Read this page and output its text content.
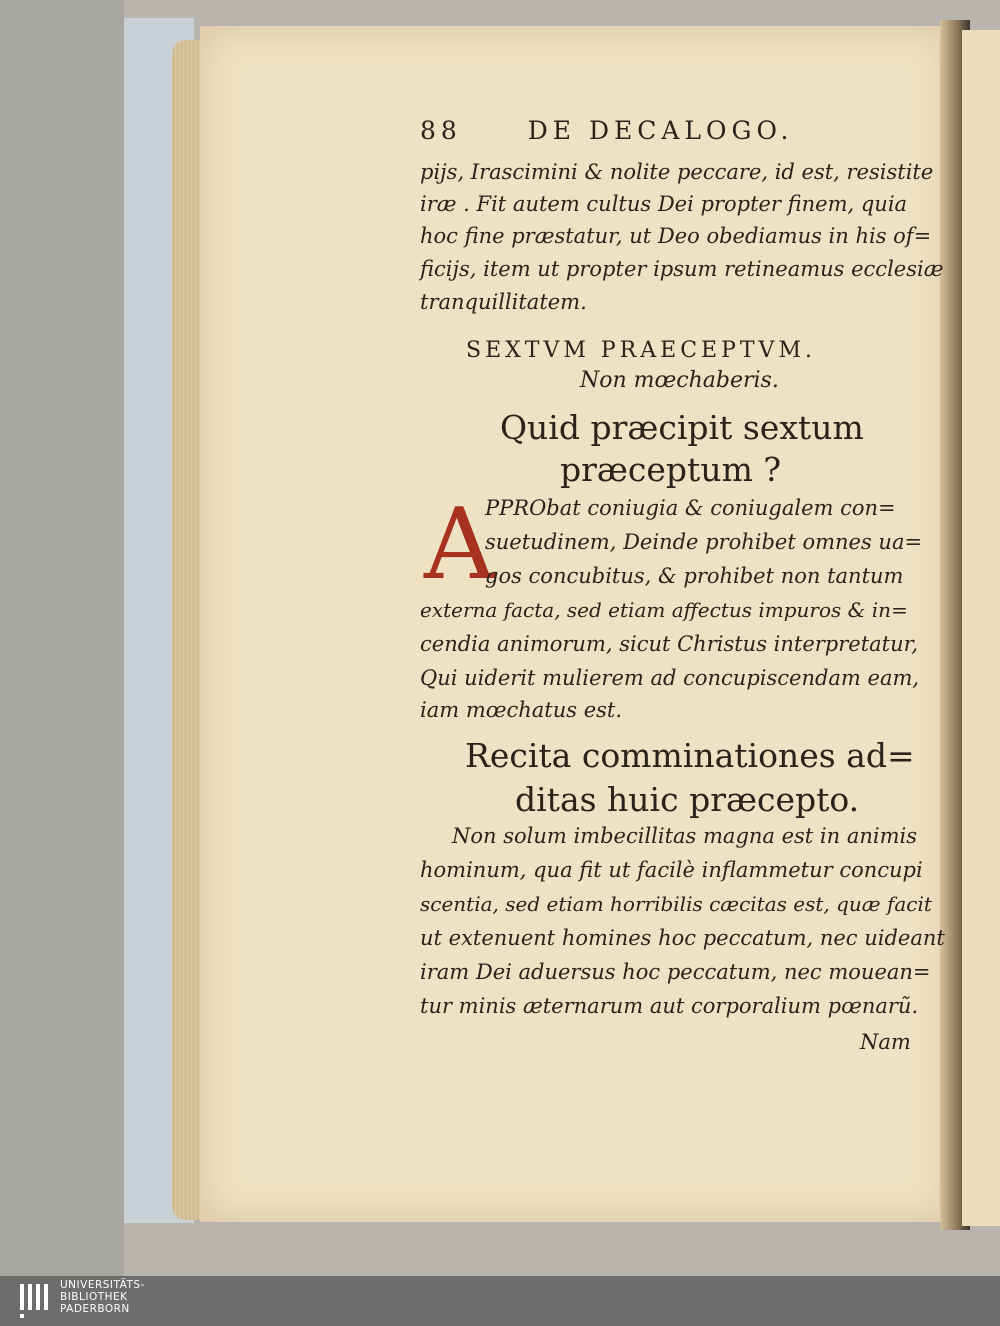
88	DE DECALOGO.
pijs, Irascimini & nolite peccare, id est, resistite
iræ . Fit autem cultus Dei propter finem, quia
hoc fine præstatur, ut Deo obediamus in his of=
ficijs, item ut propter ipsum retineamus ecclesiæ
tranquillitatem.
SEXTVM PRAECEPTVM.
Non mœchaberis.
Quid præcipit sextum
præceptum ?
A
PPRObat coniugia & coniugalem con=
suetudinem, Deinde prohibet omnes ua=
gos concubitus, & prohibet non tantum
externa facta, sed etiam affectus impuros & in=
cendia animorum, sicut Christus interpretatur,
Qui uiderit mulierem ad concupiscendam eam,
iam mœchatus est.
Recita comminationes ad=
ditas huic præcepto.
Non solum imbecillitas magna est in animis
hominum, qua fit ut facilè inflammetur concupi
scentia, sed etiam horribilis cæcitas est, quæ facit
ut extenuent homines hoc peccatum, nec uideant
iram Dei aduersus hoc peccatum, nec mouean=
tur minis æternarum aut corporalium pœnarũ.
Nam
UNIVERSITÄTS-
BIBLIOTHEK
PADERBORN
